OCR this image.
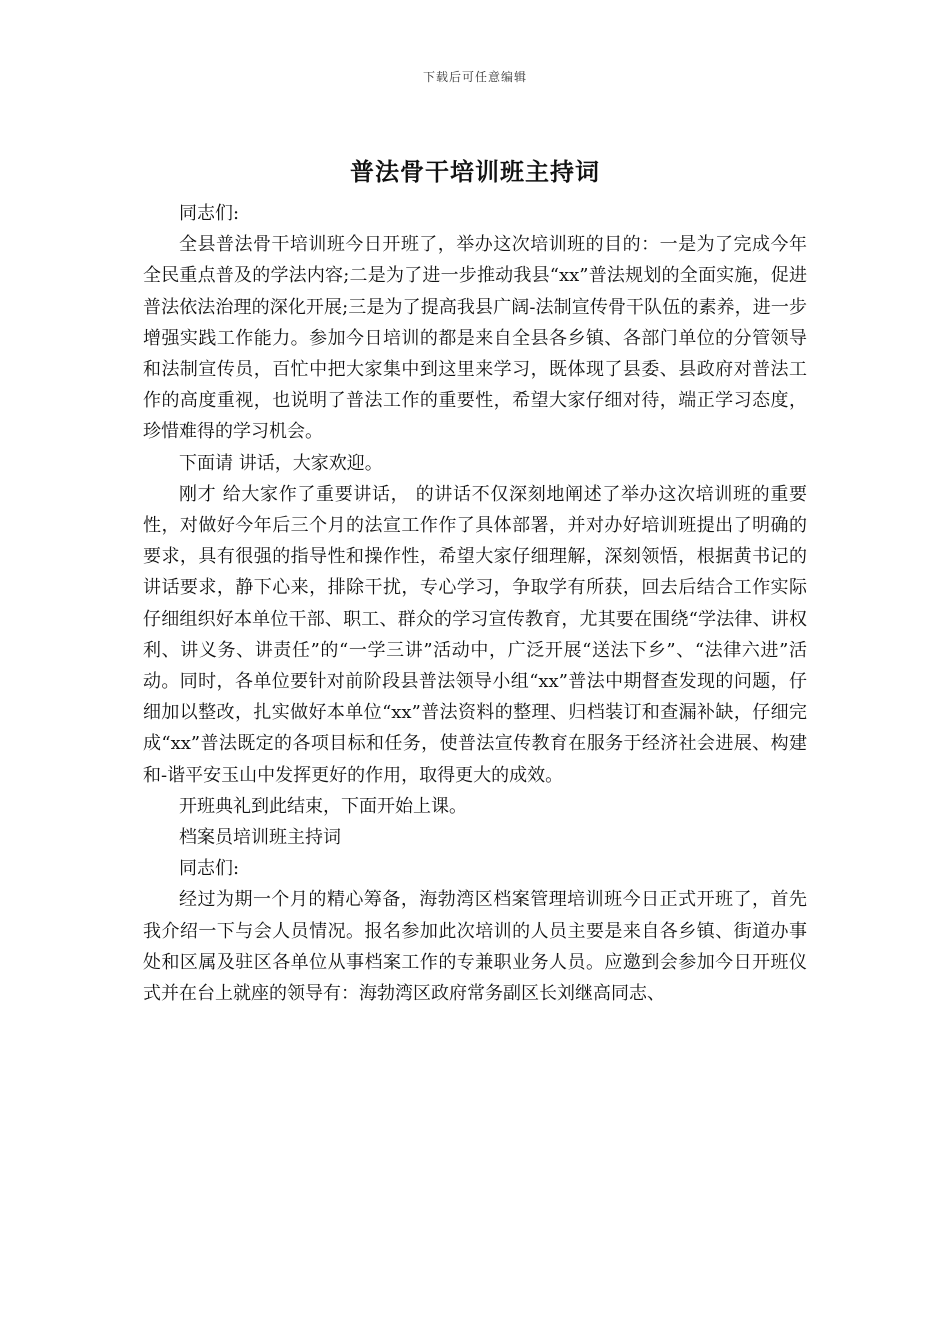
下载后可任意编辑
普法骨干培训班主持词

同志们:

全县普法骨干培训班今日开班了，举办这次培训班的目的：一是为了完成今年全民重点普及的学法内容;二是为了进一步推动我县“xx”普法规划的全面实施，促进普法依法治理的深化开展;三是为了提高我县广阔-法制宣传骨干队伍的素养，进一步增强实践工作能力。参加今日培训的都是来自全县各乡镇、各部门单位的分管领导和法制宣传员，百忙中把大家集中到这里来学习，既体现了县委、县政府对普法工作的高度重视，也说明了普法工作的重要性，希望大家仔细对待，端正学习态度，珍惜难得的学习机会。

下面请 讲话，大家欢迎。

刚才 给大家作了重要讲话， 的讲话不仅深刻地阐述了举办这次培训班的重要性，对做好今年后三个月的法宣工作作了具体部署，并对办好培训班提出了明确的要求，具有很强的指导性和操作性，希望大家仔细理解，深刻领悟，根据黄书记的讲话要求，静下心来，排除干扰，专心学习，争取学有所获，回去后结合工作实际仔细组织好本单位干部、职工、群众的学习宣传教育，尤其要在围绕“学法律、讲权利、讲义务、讲责任”的“一学三讲”活动中，广泛开展“送法下乡”、“法律六进”活动。同时，各单位要针对前阶段县普法领导小组“xx”普法中期督查发现的问题，仔细加以整改，扎实做好本单位“xx”普法资料的整理、归档装订和查漏补缺，仔细完成“xx”普法既定的各项目标和任务，使普法宣传教育在服务于经济社会进展、构建和-谐平安玉山中发挥更好的作用，取得更大的成效。

开班典礼到此结束，下面开始上课。

档案员培训班主持词

同志们:

经过为期一个月的精心筹备，海勃湾区档案管理培训班今日正式开班了，首先我介绍一下与会人员情况。报名参加此次培训的人员主要是来自各乡镇、街道办事处和区属及驻区各单位从事档案工作的专兼职业务人员。应邀到会参加今日开班仪式并在台上就座的领导有：海勃湾区政府常务副区长刘继高同志、
